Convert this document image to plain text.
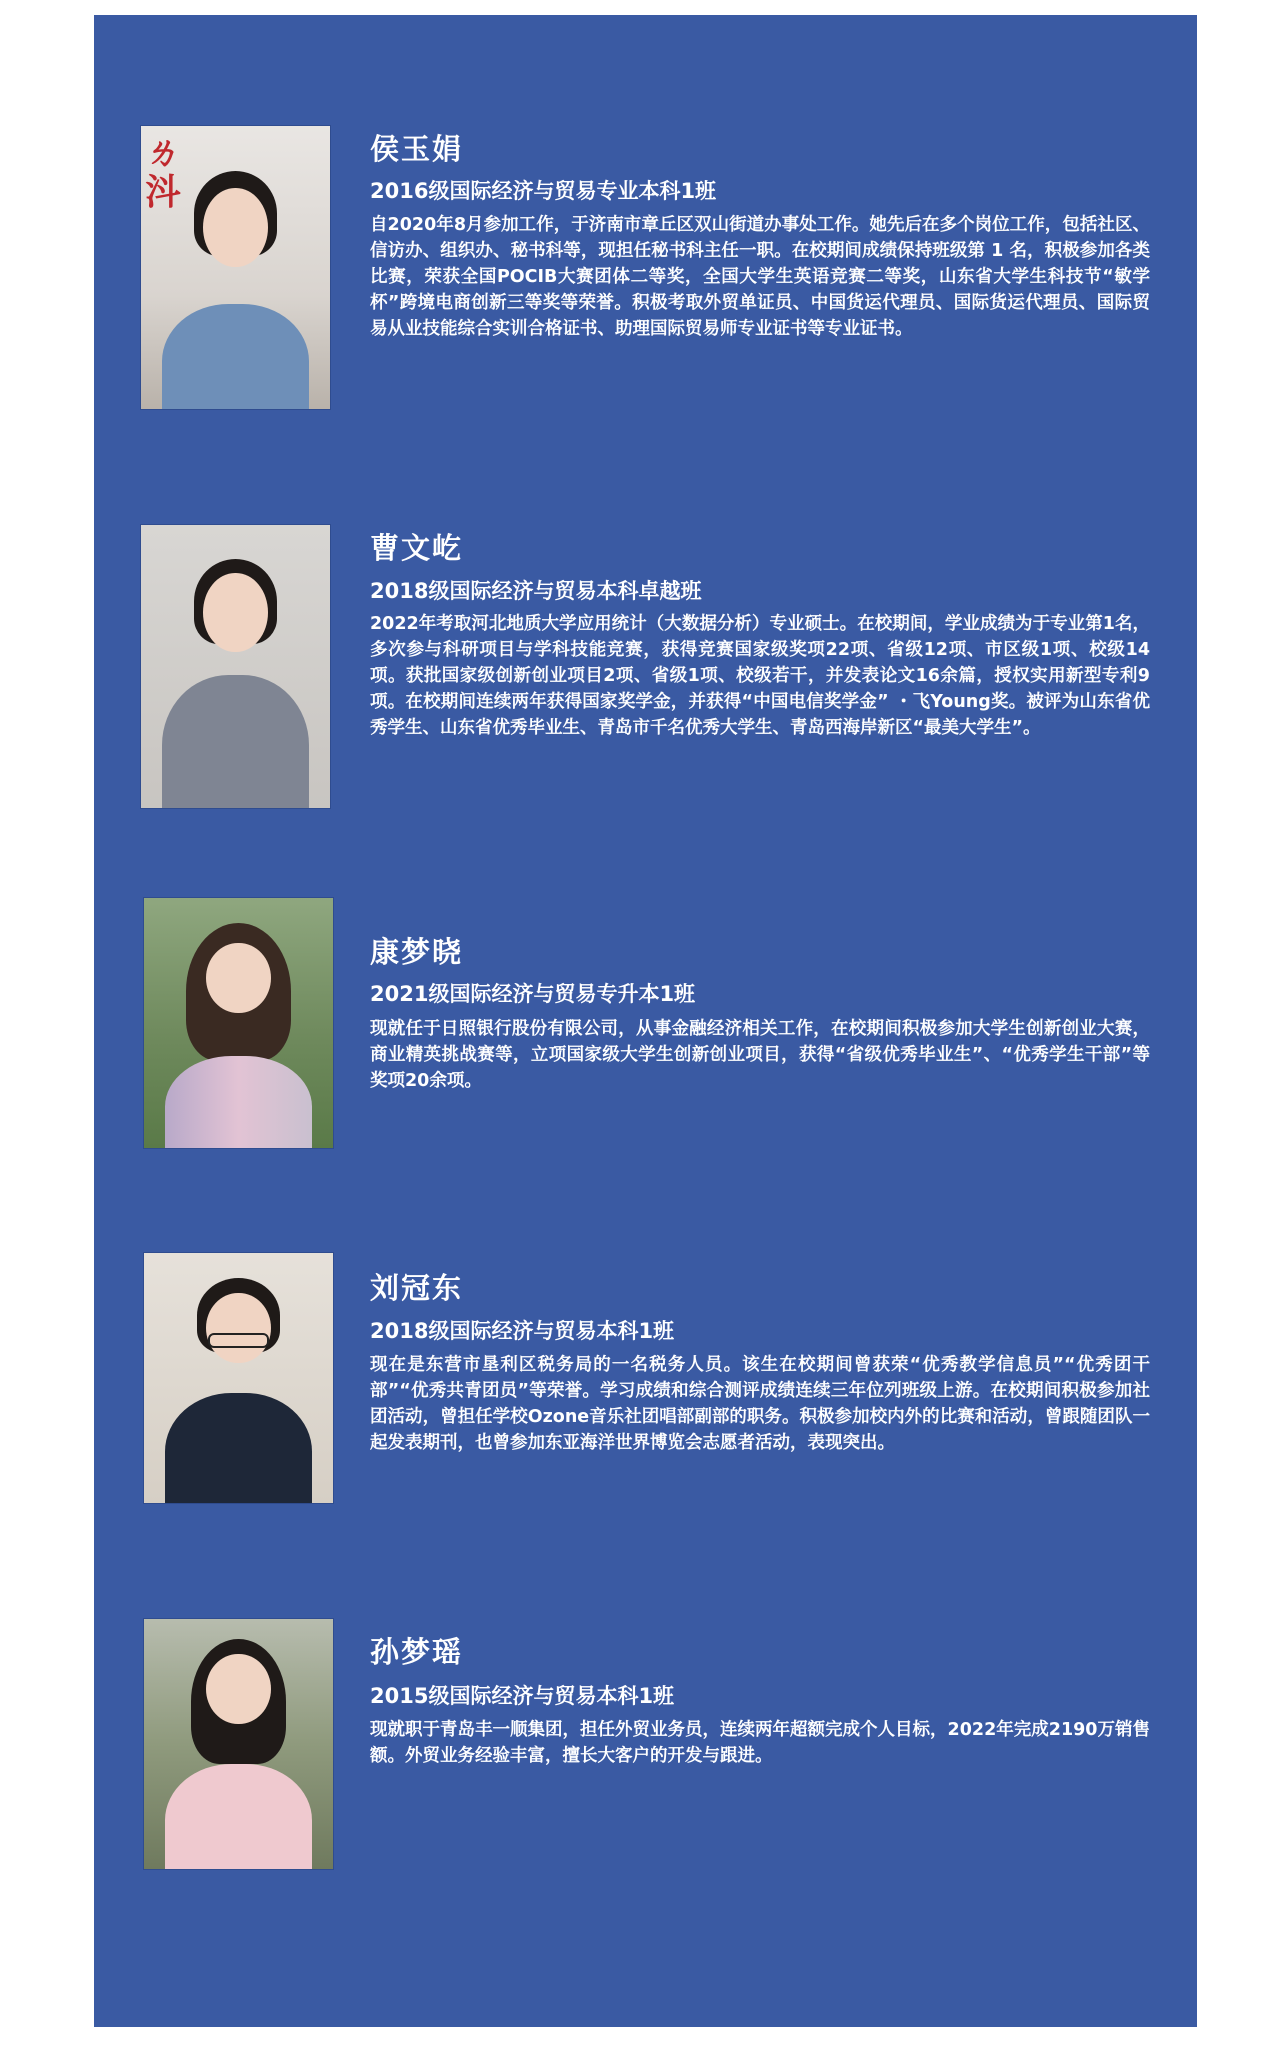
ㄌ㳆
侯玉娟
2016级国际经济与贸易专业本科1班

自2020年8月参加工作，于济南市章丘区双山街道办事处工作。她先后在多个岗位工作，包括社区、信访办、组织办、秘书科等，现担任秘书科主任一职。在校期间成绩保持班级第 1 名，积极参加各类比赛，荣获全国POCIB大赛团体二等奖，全国大学生英语竞赛二等奖，山东省大学生科技节“敏学杯”跨境电商创新三等奖等荣誉。积极考取外贸单证员、中国货运代理员、国际货运代理员、国际贸易从业技能综合实训合格证书、助理国际贸易师专业证书等专业证书。

曹文屹
2018级国际经济与贸易本科卓越班

2022年考取河北地质大学应用统计（大数据分析）专业硕士。在校期间，学业成绩为于专业第1名，多次参与科研项目与学科技能竞赛，获得竞赛国家级奖项22项、省级12项、市区级1项、校级14项。获批国家级创新创业项目2项、省级1项、校级若干，并发表论文16余篇，授权实用新型专利9项。在校期间连续两年获得国家奖学金，并获得“中国电信奖学金” ・飞Young奖。被评为山东省优秀学生、山东省优秀毕业生、青岛市千名优秀大学生、青岛西海岸新区“最美大学生”。

康梦晓
2021级国际经济与贸易专升本1班

现就任于日照银行股份有限公司，从事金融经济相关工作，在校期间积极参加大学生创新创业大赛，商业精英挑战赛等，立项国家级大学生创新创业项目，获得“省级优秀毕业生”、“优秀学生干部”等奖项20余项。

刘冠东
2018级国际经济与贸易本科1班

现在是东营市垦利区税务局的一名税务人员。该生在校期间曾获荣“优秀教学信息员”“优秀团干部”“优秀共青团员”等荣誉。学习成绩和综合测评成绩连续三年位列班级上游。在校期间积极参加社团活动，曾担任学校Ozone音乐社团唱部副部的职务。积极参加校内外的比赛和活动，曾跟随团队一起发表期刊，也曾参加东亚海洋世界博览会志愿者活动，表现突出。

孙梦瑶
2015级国际经济与贸易本科1班

现就职于青岛丰一顺集团，担任外贸业务员，连续两年超额完成个人目标，2022年完成2190万销售额。外贸业务经验丰富，擅长大客户的开发与跟进。
